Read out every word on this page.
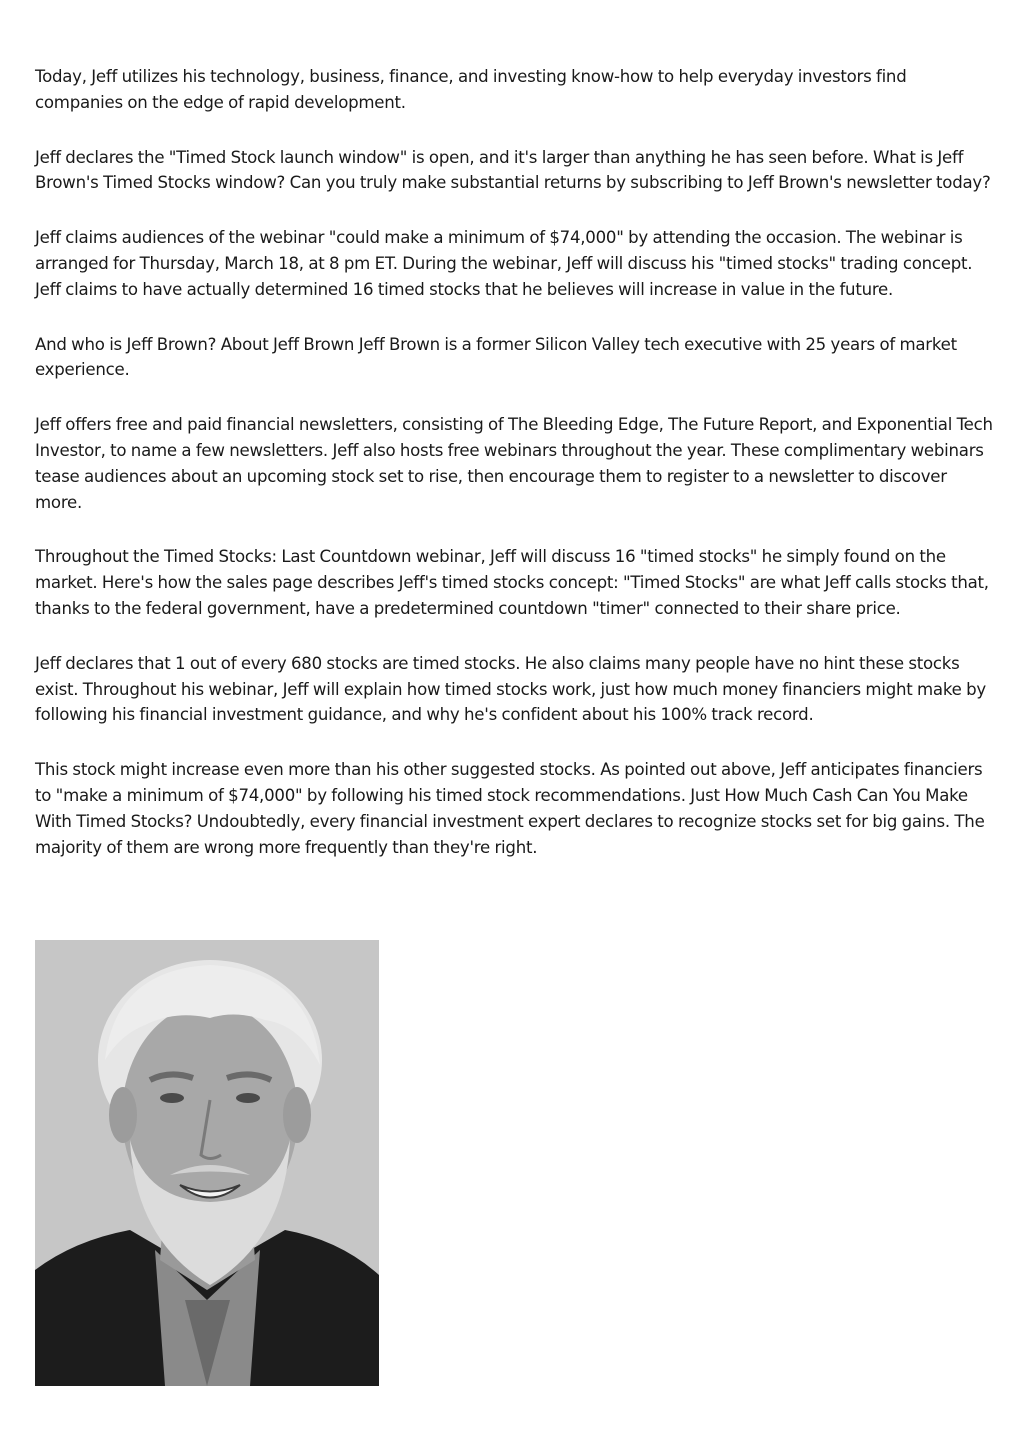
Today, Jeff utilizes his technology, business, finance, and investing know-how to help everyday investors find companies on the edge of rapid development.

Jeff declares the "Timed Stock launch window" is open, and it's larger than anything he has seen before. What is Jeff Brown's Timed Stocks window? Can you truly make substantial returns by subscribing to Jeff Brown's newsletter today?

Jeff claims audiences of the webinar "could make a minimum of $74,000" by attending the occasion. The webinar is arranged for Thursday, March 18, at 8 pm ET. During the webinar, Jeff will discuss his "timed stocks" trading concept. Jeff claims to have actually determined 16 timed stocks that he believes will increase in value in the future.

And who is Jeff Brown? About Jeff Brown Jeff Brown is a former Silicon Valley tech executive with 25 years of market experience.

Jeff offers free and paid financial newsletters, consisting of The Bleeding Edge, The Future Report, and Exponential Tech Investor, to name a few newsletters. Jeff also hosts free webinars throughout the year. These complimentary webinars tease audiences about an upcoming stock set to rise, then encourage them to register to a newsletter to discover more.

Throughout the Timed Stocks: Last Countdown webinar, Jeff will discuss 16 "timed stocks" he simply found on the market. Here's how the sales page describes Jeff's timed stocks concept: "Timed Stocks" are what Jeff calls stocks that, thanks to the federal government, have a predetermined countdown "timer" connected to their share price.

Jeff declares that 1 out of every 680 stocks are timed stocks. He also claims many people have no hint these stocks exist. Throughout his webinar, Jeff will explain how timed stocks work, just how much money financiers might make by following his financial investment guidance, and why he's confident about his 100% track record.

This stock might increase even more than his other suggested stocks. As pointed out above, Jeff anticipates financiers to "make a minimum of $74,000" by following his timed stock recommendations. Just How Much Cash Can You Make With Timed Stocks? Undoubtedly, every financial investment expert declares to recognize stocks set for big gains. The majority of them are wrong more frequently than they're right.
